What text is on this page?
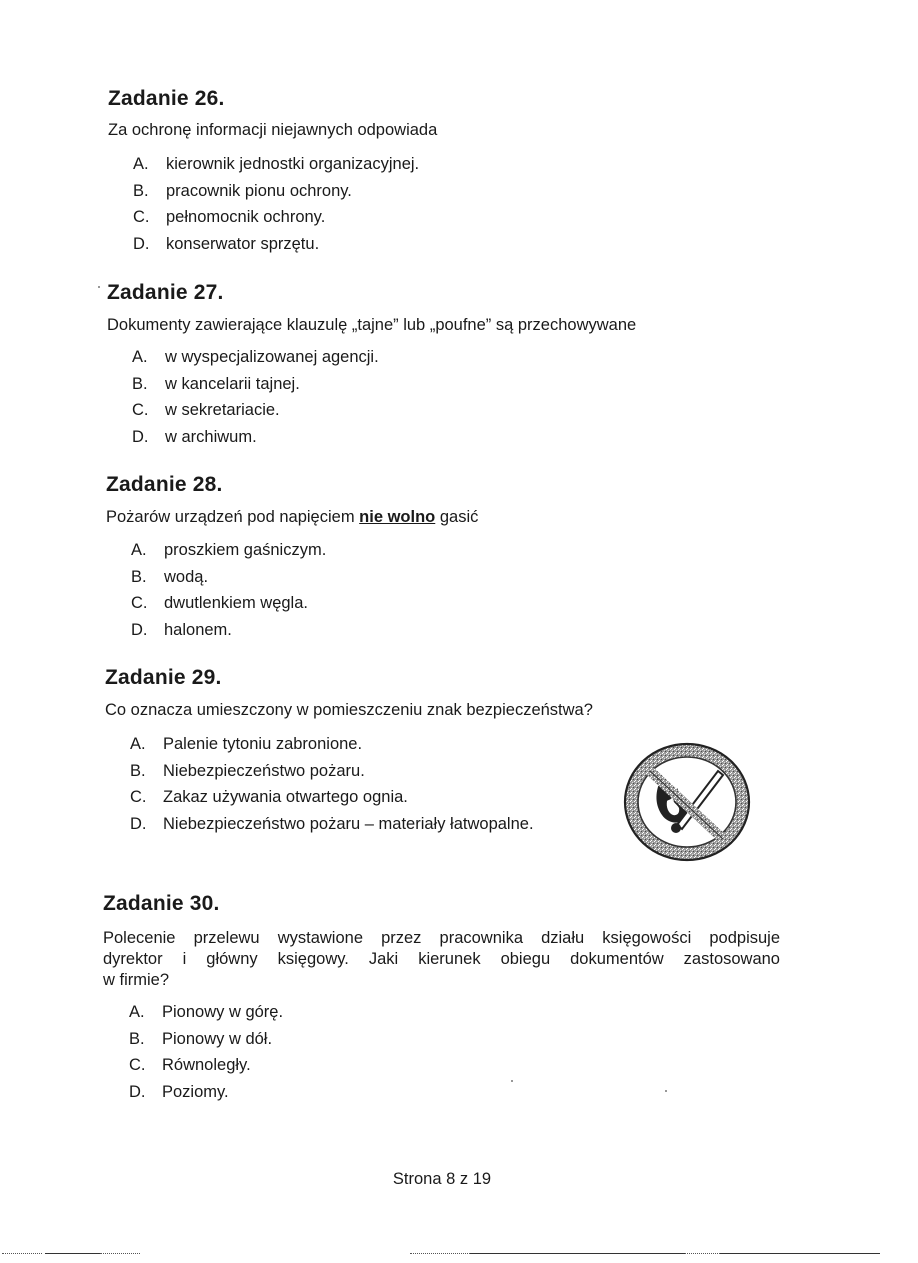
Zadanie 26.
Za ochronę informacji niejawnych odpowiada
A.	kierownik jednostki organizacyjnej.
B.	pracownik pionu ochrony.
C.	pełnomocnik ochrony.
D.	konserwator sprzętu.
Zadanie 27.
Dokumenty zawierające klauzulę „tajne” lub „poufne” są przechowywane
A.	w wyspecjalizowanej agencji.
B.	w kancelarii tajnej.
C.	w sekretariacie.
D.	w archiwum.
Zadanie 28.
Pożarów urządzeń pod napięciem nie wolno gasić
A.	proszkiem gaśniczym.
B.	wodą.
C.	dwutlenkiem węgla.
D.	halonem.
Zadanie 29.
Co oznacza umieszczony w pomieszczeniu znak bezpieczeństwa?
A.	Palenie tytoniu zabronione.
B.	Niebezpieczeństwo pożaru.
C.	Zakaz używania otwartego ognia.
D.	Niebezpieczeństwo pożaru – materiały łatwopalne.
Zadanie 30.
Polecenie przelewu wystawione przez pracownika działu księgowości podpisuje
dyrektor i główny księgowy. Jaki kierunek obiegu dokumentów zastosowano
w firmie?
A.	Pionowy w górę.
B.	Pionowy w dół.
C.	Równoległy.
D.	Poziomy.
Strona 8 z 19
